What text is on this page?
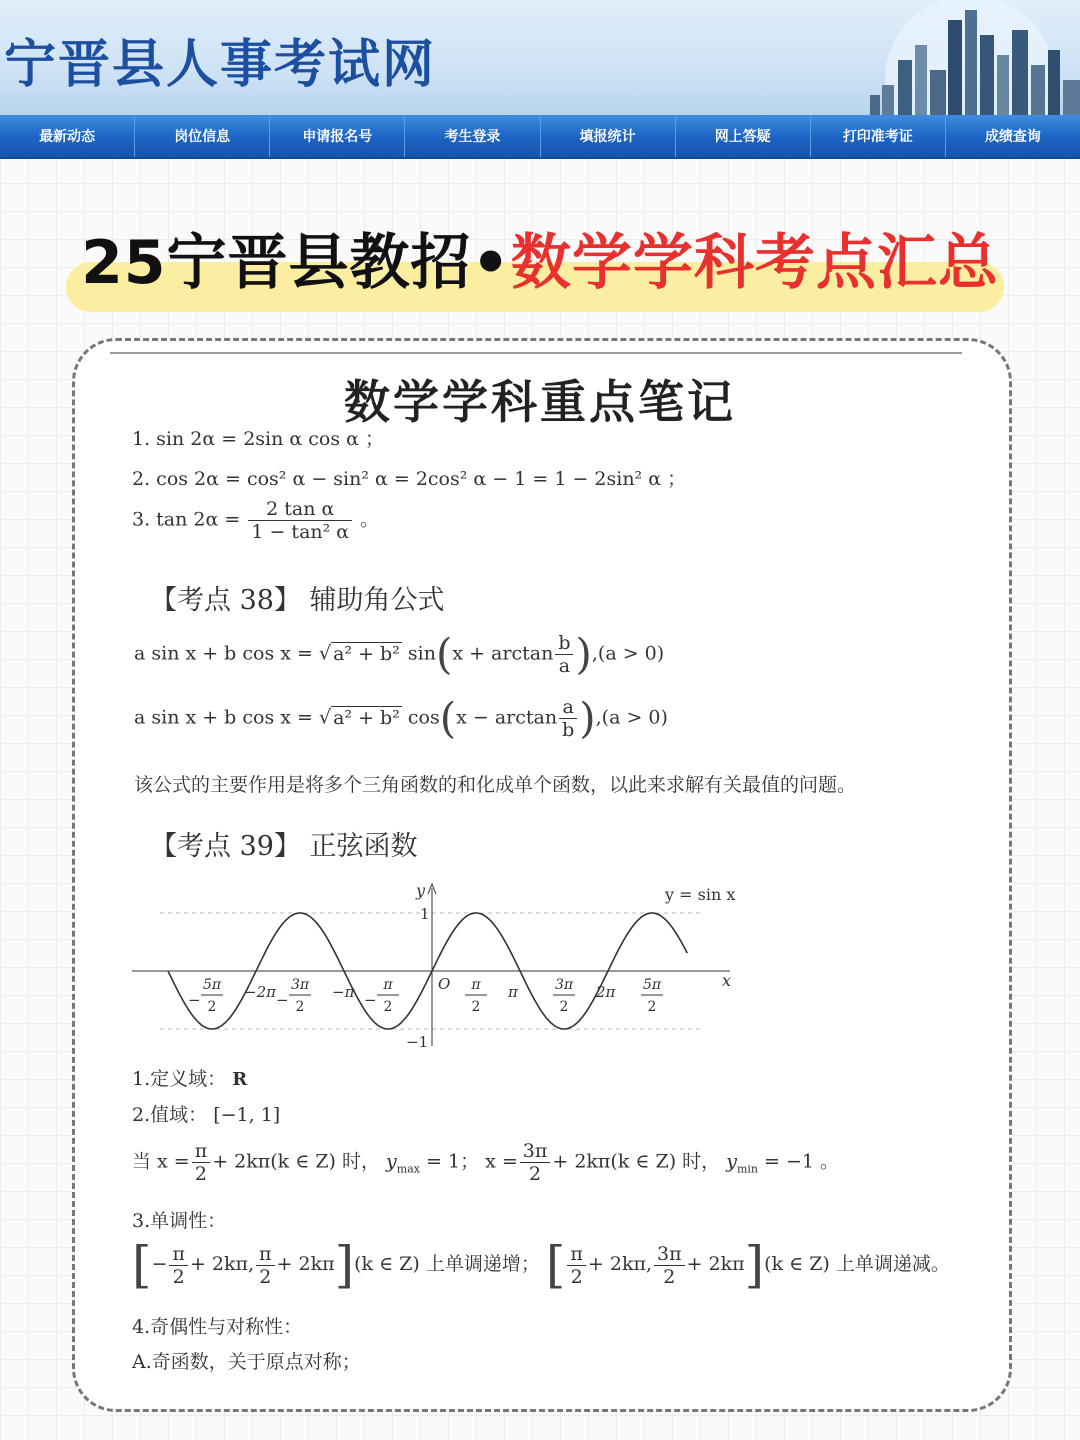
宁晋县人事考试网
最新动态	岗位信息	申请报名号	考生登录	填报统计	网上答疑	打印准考证	成绩查询
25宁晋县教招•数学学科考点汇总
数学学科重点笔记
1. sin 2α = 2sin α cos α ；
2. cos 2α = cos² α − sin² α = 2cos² α − 1 = 1 − 2sin² α ；
3. $\tan 2\alpha = \frac{\text{2 tan α}}{\text{1 − tan² α}}$ 。
【考点 38】 辅助角公式
a sin x + b cos x = √ a² + b² $\sin(x + \arctan \frac{b}{a} ),(a > 0)$
a sin x + b cos x = √ a² + b² $\cos(x - \arctan \frac{a}{b} ),(a > 0)$
该公式的主要作用是将多个三角函数的和化成单个函数，以此来求解有关最值的问题。
【考点 39】 正弦函数
y
x
y = sin x
1
−1
O
−
5π
2
−2π −
3π
2
−π −
π
2
π
2
π	3π
2
2π 5π
2
1.定义域： R
2.值域： [−1, 1]
当 $x = \frac{\pi}{2} + 2k\pi(k$ ∈ Z) 时， $y_{max} = 1$； $x = \frac{3\pi}{2} + 2k\pi(k$ ∈ Z) 时， $y_{min} = -1$ 。
3.单调性：
[− $\frac{\pi}{2} + 2k\pi$, $\frac{\pi}{2} + 2k\pi](k$ ∈ Z) 上单调递增； [ $\frac{\pi}{2} + 2k\pi$, $\frac{3\pi}{2} + 2k\pi](k$ ∈ Z) 上单调递减。
4.奇偶性与对称性：
A.奇函数，关于原点对称；
